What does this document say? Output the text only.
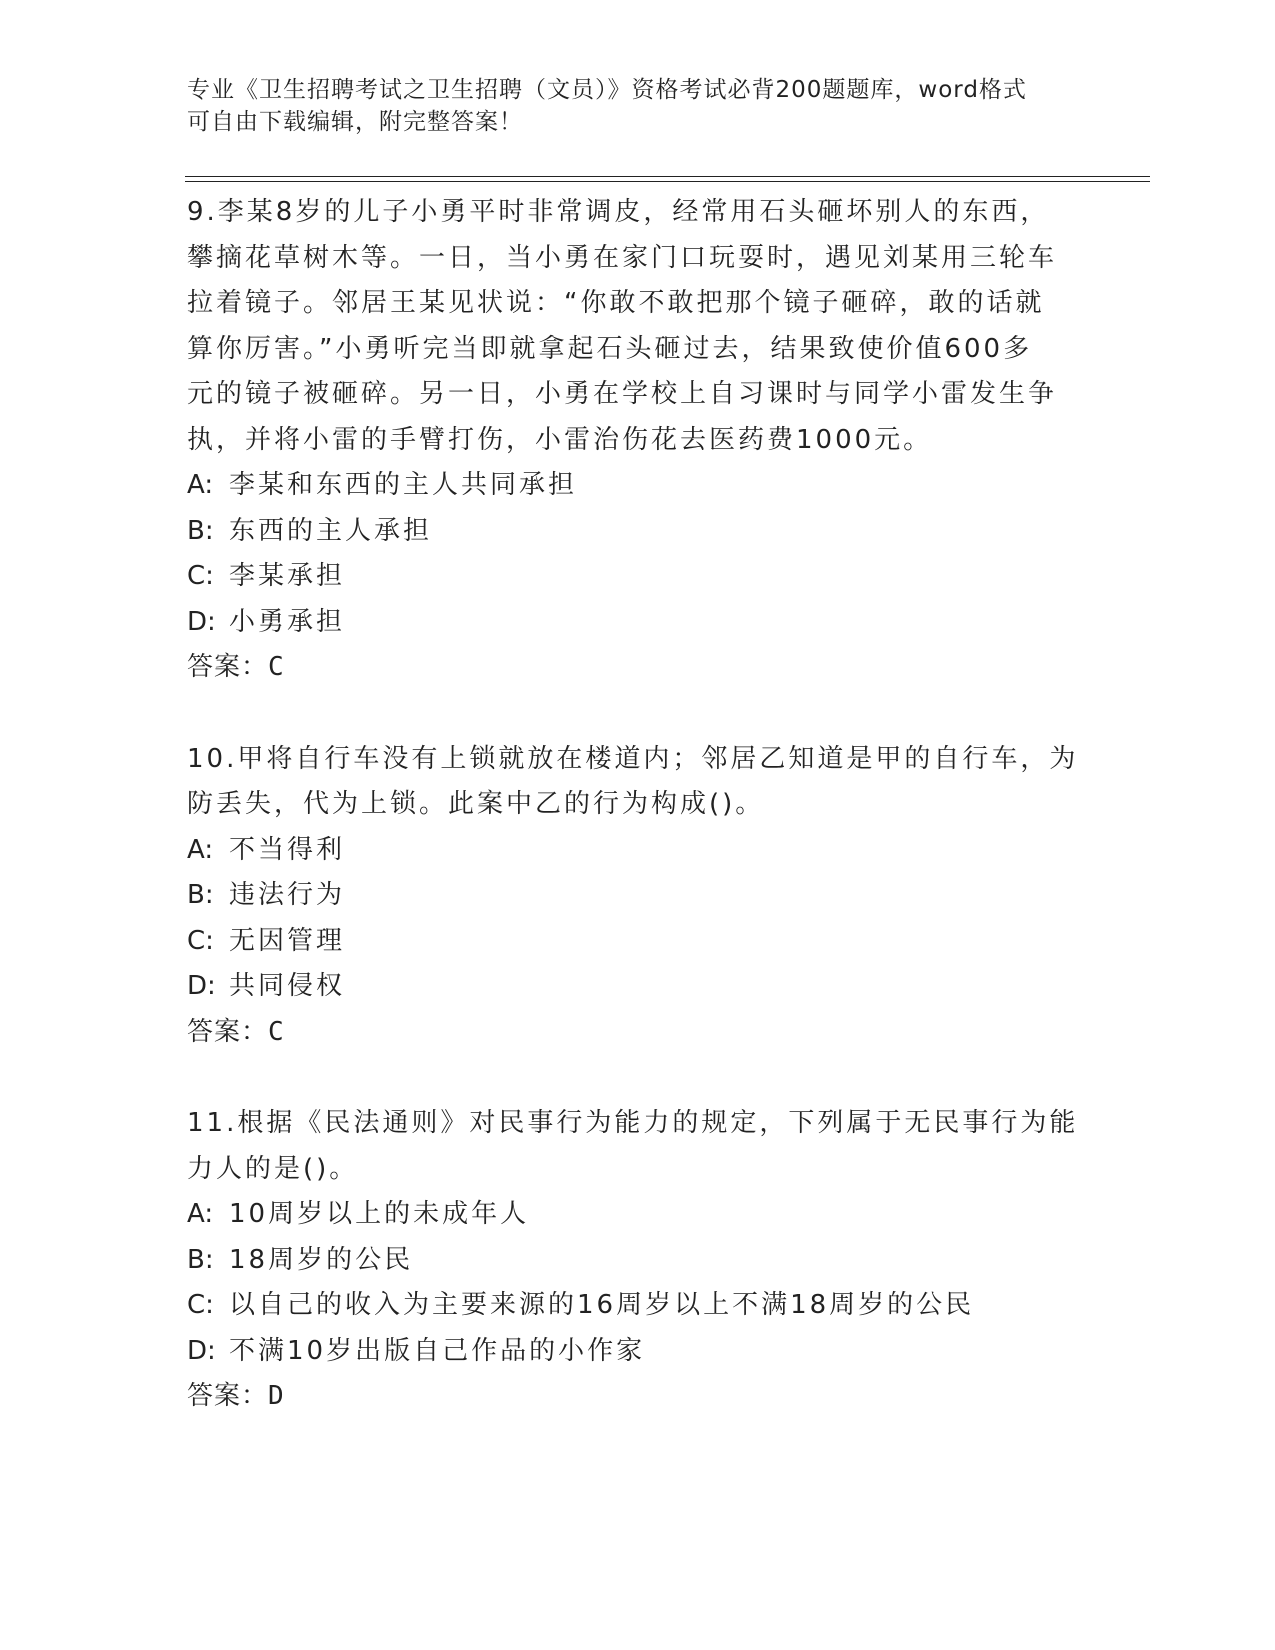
专业《卫生招聘考试之卫生招聘（文员）》资格考试必背200题题库，word格式
可自由下载编辑，附完整答案！
9.李某8岁的儿子小勇平时非常调皮，经常用石头砸坏别人的东西，
攀摘花草树木等。一日，当小勇在家门口玩耍时，遇见刘某用三轮车
拉着镜子。邻居王某见状说：“你敢不敢把那个镜子砸碎，敢的话就
算你厉害。”小勇听完当即就拿起石头砸过去，结果致使价值600多
元的镜子被砸碎。另一日，小勇在学校上自习课时与同学小雷发生争
执，并将小雷的手臂打伤，小雷治伤花去医药费1000元。
A: 李某和东西的主人共同承担
B: 东西的主人承担
C: 李某承担
D: 小勇承担
答案：C
10.甲将自行车没有上锁就放在楼道内；邻居乙知道是甲的自行车，为
防丢失，代为上锁。此案中乙的行为构成()。
A: 不当得利
B: 违法行为
C: 无因管理
D: 共同侵权
答案：C
11.根据《民法通则》对民事行为能力的规定，下列属于无民事行为能
力人的是()。
A: 10周岁以上的未成年人
B: 18周岁的公民
C: 以自己的收入为主要来源的16周岁以上不满18周岁的公民
D: 不满10岁出版自己作品的小作家
答案：D
